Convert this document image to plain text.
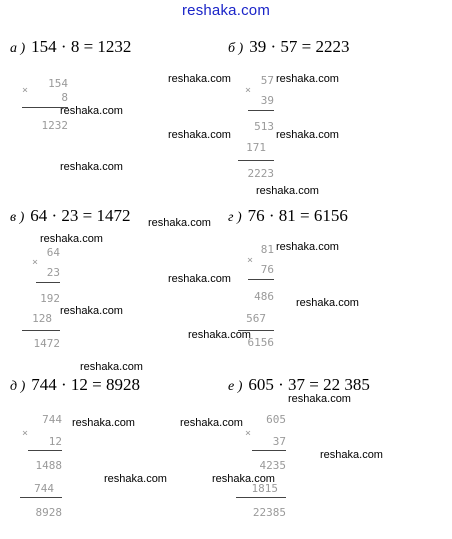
reshaka.com
а ) 154 · 8 = 1232
×
154
8
1232
б ) 39 · 57 = 2223
×
57
39
513
171
2223
в ) 64 · 23 = 1472
×
64
23
192
128
1472
г ) 76 · 81 = 6156
×
81
76
486
567
6156
д ) 744 · 12 = 8928
×
744
12
1488
744
8928
е ) 605 · 37 = 22 385
×
605
37
4235
1815
22385
reshaka.com	reshaka.com
reshaka.com
reshaka.com	reshaka.com
reshaka.com
reshaka.com
reshaka.com
reshaka.com
reshaka.com
reshaka.com
reshaka.com
reshaka.com
reshaka.com
reshaka.com
reshaka.com
reshaka.com	reshaka.com
reshaka.com
reshaka.com	reshaka.com
